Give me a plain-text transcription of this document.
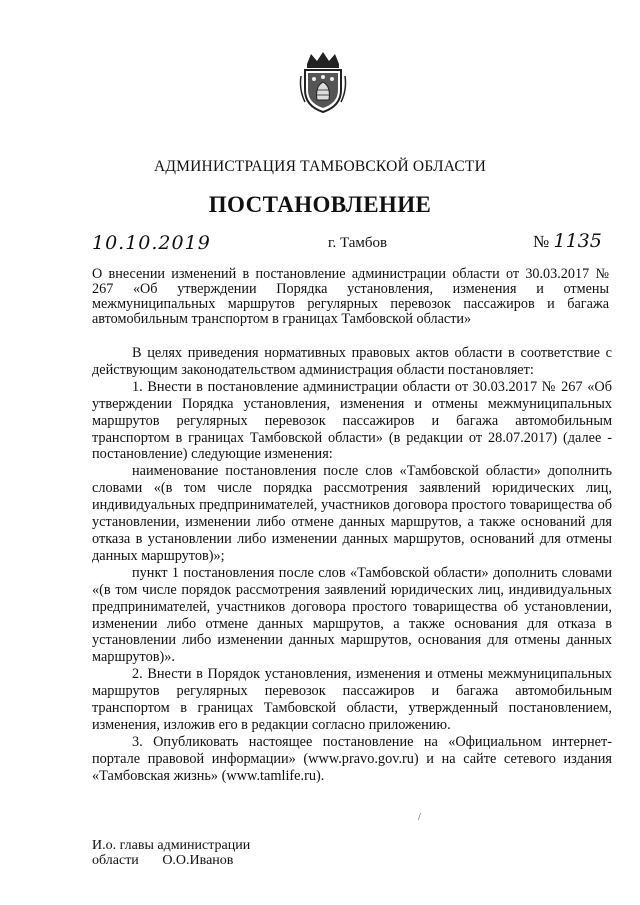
АДМИНИСТРАЦИЯ ТАМБОВСКОЙ ОБЛАСТИ
ПОСТАНОВЛЕНИЕ
10.10.2019	г. Тамбов	№ 1135
О внесении изменений в постановление администрации области от 30.03.2017 № 267 «Об утверждении Порядка установления, изменения и отмены межмуниципальных маршрутов регулярных перевозок пассажиров и багажа автомобильным транспортом в границах Тамбовской области»

В целях приведения нормативных правовых актов области в соответствие с действующим законодательством администрация области постановляет:

1. Внести в постановление администрации области от 30.03.2017 № 267 «Об утверждении Порядка установления, изменения и отмены межмуниципальных маршрутов регулярных перевозок пассажиров и багажа автомобильным транспортом в границах Тамбовской области» (в редакции от 28.07.2017) (далее - постановление) следующие изменения:

наименование постановления после слов «Тамбовской области» дополнить словами «(в том числе порядка рассмотрения заявлений юридических лиц, индивидуальных предпринимателей, участников договора простого товарищества об установлении, изменении либо отмене данных маршрутов, а также оснований для отказа в установлении либо изменении данных маршрутов, оснований для отмены данных маршрутов)»;

пункт 1 постановления после слов «Тамбовской области» дополнить словами «(в том числе порядок рассмотрения заявлений юридических лиц, индивидуальных предпринимателей, участников договора простого товарищества об установлении, изменении либо отмене данных маршрутов, а также основания для отказа в установлении либо изменении данных маршрутов, основания для отмены данных маршрутов)».

2. Внести в Порядок установления, изменения и отмены межмуниципальных маршрутов регулярных перевозок пассажиров и багажа автомобильным транспортом в границах Тамбовской области, утвержденный постановлением, изменения, изложив его в редакции согласно приложению.

3. Опубликовать настоящее постановление на «Официальном интернет-портале правовой информации» (www.pravo.gov.ru) и на сайте сетевого издания «Тамбовская жизнь» (www.tamlife.ru).

/
И.о. главы администрации
области О.О.Иванов
